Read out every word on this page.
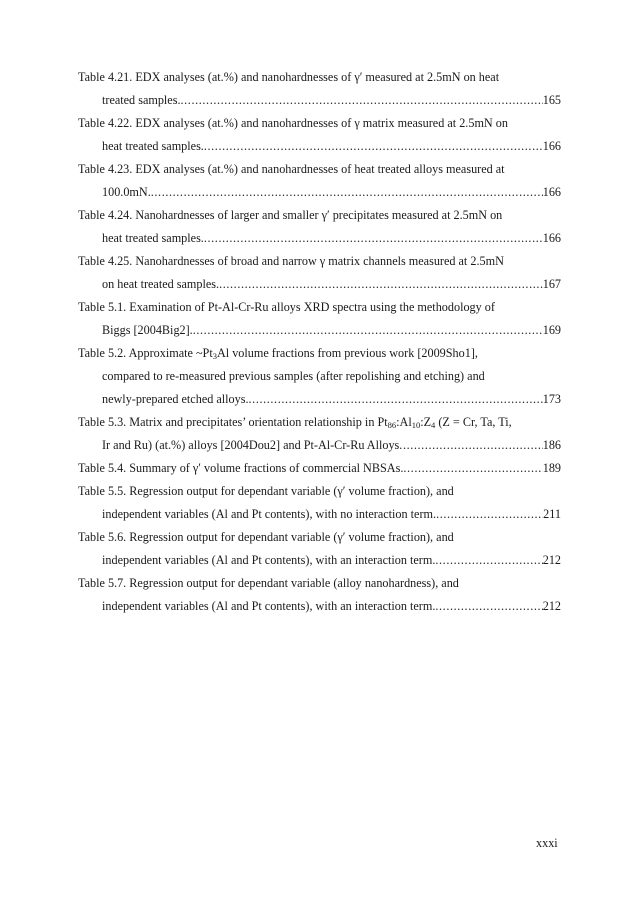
Table 4.21. EDX analyses (at.%) and nanohardnesses of γ′ measured at 2.5mN on heat
treated samples. .....	165
Table 4.22. EDX analyses (at.%) and nanohardnesses of γ matrix measured at 2.5mN on
heat treated samples. .....	166
Table 4.23. EDX analyses (at.%) and nanohardnesses of heat treated alloys measured at
100.0mN. .....	166
Table 4.24. Nanohardnesses of larger and smaller γ′ precipitates measured at 2.5mN on
heat treated samples. .....	166
Table 4.25. Nanohardnesses of broad and narrow γ matrix channels measured at 2.5mN
on heat treated samples. .....	167
Table 5.1. Examination of Pt-Al-Cr-Ru alloys XRD spectra using the methodology of
Biggs [2004Big2]. .....	169
Table 5.2. Approximate $\sim Pt_3Al$ volume fractions from previous work [2009Sho1],
compared to re-measured previous samples (after repolishing and etching) and
newly-prepared etched alloys. .....	173
Table 5.3. Matrix and precipitates’ orientation relationship in $Pt_{86}:Al_{10}:Z_4$ (Z = Cr, Ta, Ti,
Ir and Ru) (at.%) alloys [2004Dou2] and Pt-Al-Cr-Ru Alloys .....	186
Table 5.4. Summary of γ′ volume fractions of commercial NBSAs. .....	189
Table 5.5. Regression output for dependant variable (γ′ volume fraction), and
independent variables (Al and Pt contents), with no interaction term. .....	211
Table 5.6. Regression output for dependant variable (γ′ volume fraction), and
independent variables (Al and Pt contents), with an interaction term. .....	212
Table 5.7. Regression output for dependant variable (alloy nanohardness), and
independent variables (Al and Pt contents), with an interaction term. .....	212
xxxi
